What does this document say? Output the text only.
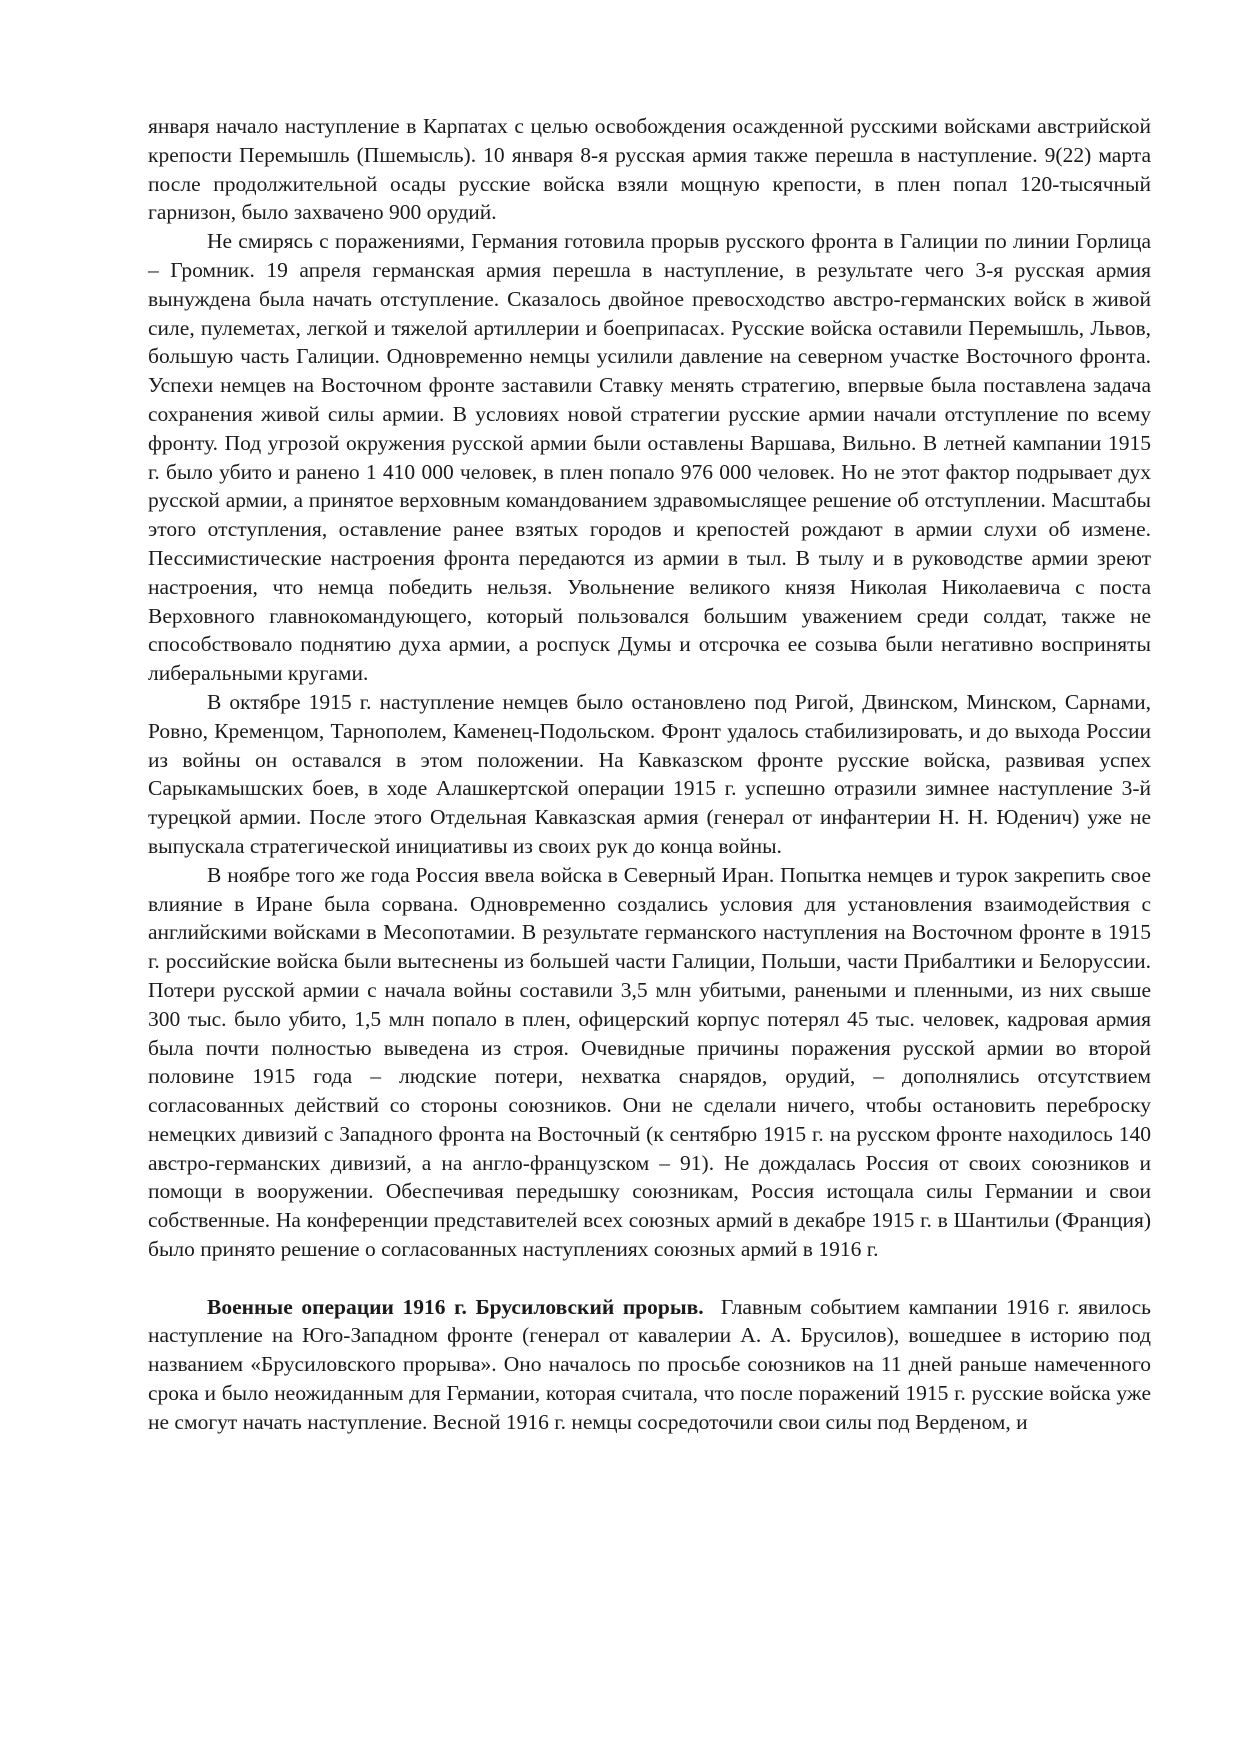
января начало наступление в Карпатах с целью освобождения осажденной русскими войсками австрийской крепости Перемышль (Пшемысль). 10 января 8-я русская армия также перешла в наступление. 9(22) марта после продолжительной осады русские войска взяли мощную крепости, в плен попал 120-тысячный гарнизон, было захвачено 900 орудий.

Не смирясь с поражениями, Германия готовила прорыв русского фронта в Галиции по линии Горлица – Громник. 19 апреля германская армия перешла в наступление, в результате чего 3-я русская армия вынуждена была начать отступление. Сказалось двойное превосходство австро-германских войск в живой силе, пулеметах, легкой и тяжелой артиллерии и боеприпасах. Русские войска оставили Перемышль, Львов, большую часть Галиции. Одновременно немцы усилили давление на северном участке Восточного фронта. Успехи немцев на Восточном фронте заставили Ставку менять стратегию, впервые была поставлена задача сохранения живой силы армии. В условиях новой стратегии русские армии начали отступление по всему фронту. Под угрозой окружения русской армии были оставлены Варшава, Вильно. В летней кампании 1915 г. было убито и ранено 1 410 000 человек, в плен попало 976 000 человек. Но не этот фактор подрывает дух русской армии, а принятое верховным командованием здравомыслящее решение об отступлении. Масштабы этого отступления, оставление ранее взятых городов и крепостей рождают в армии слухи об измене. Пессимистические настроения фронта передаются из армии в тыл. В тылу и в руководстве армии зреют настроения, что немца победить нельзя. Увольнение великого князя Николая Николаевича с поста Верховного главнокомандующего, который пользовался большим уважением среди солдат, также не способствовало поднятию духа армии, а роспуск Думы и отсрочка ее созыва были негативно восприняты либеральными кругами.

В октябре 1915 г. наступление немцев было остановлено под Ригой, Двинском, Минском, Сарнами, Ровно, Кременцом, Тарнополем, Каменец-Подольском. Фронт удалось стабилизировать, и до выхода России из войны он оставался в этом положении. На Кавказском фронте русские войска, развивая успех Сарыкамышских боев, в ходе Алашкертской операции 1915 г. успешно отразили зимнее наступление 3-й турецкой армии. После этого Отдельная Кавказская армия (генерал от инфантерии Н. Н. Юденич) уже не выпускала стратегической инициативы из своих рук до конца войны.

В ноябре того же года Россия ввела войска в Северный Иран. Попытка немцев и турок закрепить свое влияние в Иране была сорвана. Одновременно создались условия для установления взаимодействия с английскими войсками в Месопотамии. В результате германского наступления на Восточном фронте в 1915 г. российские войска были вытеснены из большей части Галиции, Польши, части Прибалтики и Белоруссии. Потери русской армии с начала войны составили 3,5 млн убитыми, ранеными и пленными, из них свыше 300 тыс. было убито, 1,5 млн попало в плен, офицерский корпус потерял 45 тыс. человек, кадровая армия была почти полностью выведена из строя. Очевидные причины поражения русской армии во второй половине 1915 года – людские потери, нехватка снарядов, орудий, – дополнялись отсутствием согласованных действий со стороны союзников. Они не сделали ничего, чтобы остановить переброску немецких дивизий с Западного фронта на Восточный (к сентябрю 1915 г. на русском фронте находилось 140 австро-германских дивизий, а на англо-французском – 91). Не дождалась Россия от своих союзников и помощи в вооружении. Обеспечивая передышку союзникам, Россия истощала силы Германии и свои собственные. На конференции представителей всех союзных армий в декабре 1915 г. в Шантильи (Франция) было принято решение о согласованных наступлениях союзных армий в 1916 г.

Военные операции 1916 г. Брусиловский прорыв. Главным событием кампании 1916 г. явилось наступление на Юго-Западном фронте (генерал от кавалерии А. А. Брусилов), вошедшее в историю под названием «Брусиловского прорыва». Оно началось по просьбе союзников на 11 дней раньше намеченного срока и было неожиданным для Германии, которая считала, что после поражений 1915 г. русские войска уже не смогут начать наступление. Весной 1916 г. немцы сосредоточили свои силы под Верденом, и
